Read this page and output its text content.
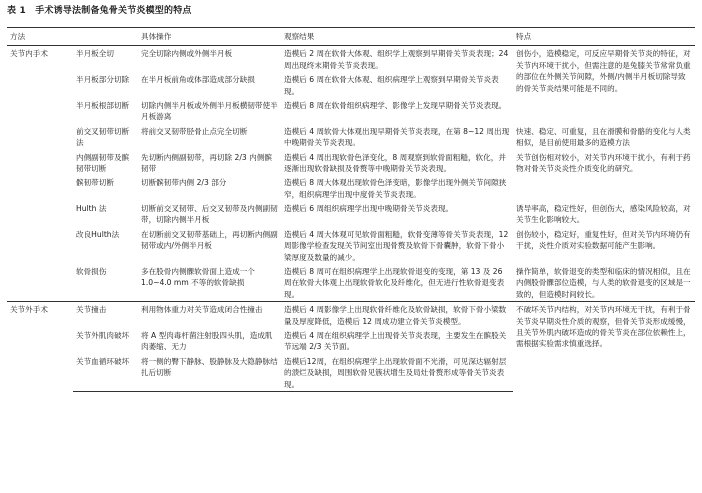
表 1　手术诱导法制备兔骨关节炎模型的特点
方法		具体操作	观察结果	特点
关节内手术	半月板全切	完全切除内侧或外侧半月板	造模后 2 周在软骨大体观、组织学上观察到早期骨关节炎表现；24 周出现终末期骨关节炎表现。	创伤小，造模稳定，可反应早期骨关节炎的特征，对关节内环境干扰小，但需注意的是兔膝关节常常负重的部位在外侧关节间隙，外侧/内侧半月板切除导致的骨关节炎结果可能是不同的。
	半月板部分切除	在半月板前角或体部造成部分缺损	造模后 6 周在软骨大体观、组织病理学上观察到早期骨关节炎表现。	
	半月板根部切断	切除内侧半月板或外侧半月板横韧带使半月板游离	造模后 8 周在软骨组织病理学、影像学上发现早期骨关节炎表现。	
	前交叉韧带切断法	将前交叉韧带胫骨止点完全切断	造模后 4 周软骨大体观出现早期骨关节炎表现，在第 8~12 周出现中晚期骨关节炎表现。	快速、稳定、可重复，且在滑膜和骨骼的变化与人类相似，是目前使用最多的造模方法
	内侧副韧带及髌韧带切断	先切断内侧副韧带，再切除 2/3 内侧髌韧带	造模后 4 周出现软骨色泽变化，8 周观察到软骨面粗糙，软化，并逐渐出现软骨缺损及骨赘等中晚期骨关节炎表现。	关节创伤相对较小，对关节内环境干扰小，有利于药物对骨关节炎炎性介质变化的研究。
	髌韧带切断	切断髌韧带内侧 2/3 部分	造模后 8 周大体观出现软骨色泽变暗，影像学出现外侧关节间隙狭窄，组织病理学出现中度骨关节炎表现。	
	Hulth 法	切断前交叉韧带、后交叉韧带及内侧副韧带，切除内侧半月板	造模后 6 周组织病理学出现中晚期骨关节炎表现。	诱导率高，稳定性好，但创伤大，感染风险较高，对关节生化影响较大。
	改良Hulth法	在切断前交叉韧带基础上，再切断内侧副韧带或内/外侧半月板	造模后 4 周大体观可见软骨面粗糙，软骨变薄等骨关节炎表现，12 周影像学检查发现关节间室出现骨赘及软骨下骨囊肿，软骨下骨小梁厚度及数量的减少。	创伤较小，稳定好，重复性好，但对关节内环境仍有干扰，炎性介质对实验数据可能产生影响。
	软骨损伤	多在股骨内侧髁软骨面上造成一个 1.0~4.0 mm 不等的软骨缺损	造模后 8 周可在组织病理学上出现软骨退变的变现，第 13 及 26 周在软骨大体观上出现软骨软化及纤维化，但无进行性软骨退变表现。	操作简单，软骨退变的类型和临床的情况相似，且在内侧股骨髁部位造模，与人类的软骨退变的区域是一致的，但造模时间较长。
关节外手术	关节撞击	利用物体重力对关节造成闭合性撞击	造模后 4 周影像学上出现软骨纤维化及软骨缺损，软骨下骨小梁数量及厚度降低，造模后 12 周成功建立骨关节炎模型。	不破坏关节内结构，对关节内环境无干扰，有利于骨关节炎早期炎性介质的观察，但骨关节炎形成缓慢，且关节外肌内破坏造成的骨关节炎在部位依赖性上，需根据实验需求慎重选择。
	关节外肌肉破坏	将 A 型肉毒杆菌注射股四头肌，造成肌肉萎缩、无力	造模后 4 周在组织病理学上出现骨关节炎表现，主要发生在髌股关节远端 2/3 关节面。	
	关节血循环破坏	将一侧的臀下静脉、股静脉及大隐静脉结扎后切断	造模后12周，在组织病理学上出现软骨面不光滑，可见深达辐射层的溃烂及缺损，周围软骨见簇状增生及局灶骨赘形成等骨关节炎表现。	
